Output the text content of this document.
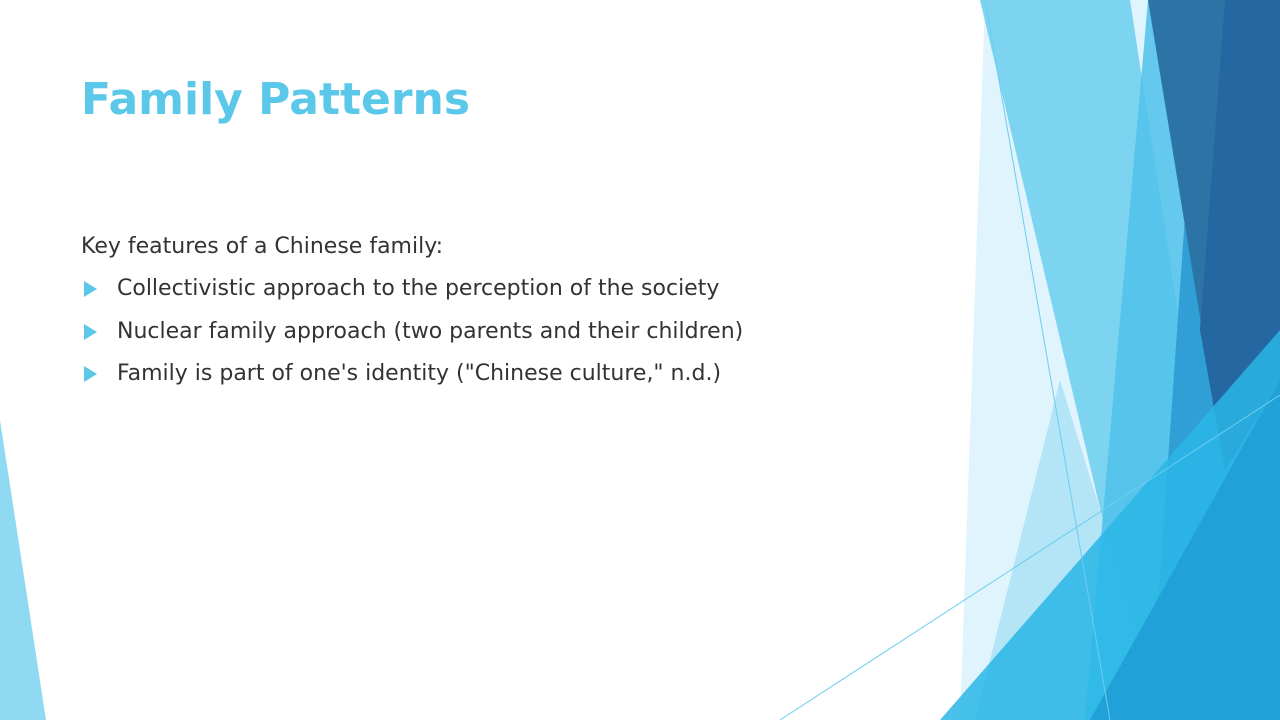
Family Patterns

Key features of a Chinese family:

Collectivistic approach to the perception of the society
Nuclear family approach (two parents and their children)
Family is part of one's identity ("Chinese culture," n.d.)
